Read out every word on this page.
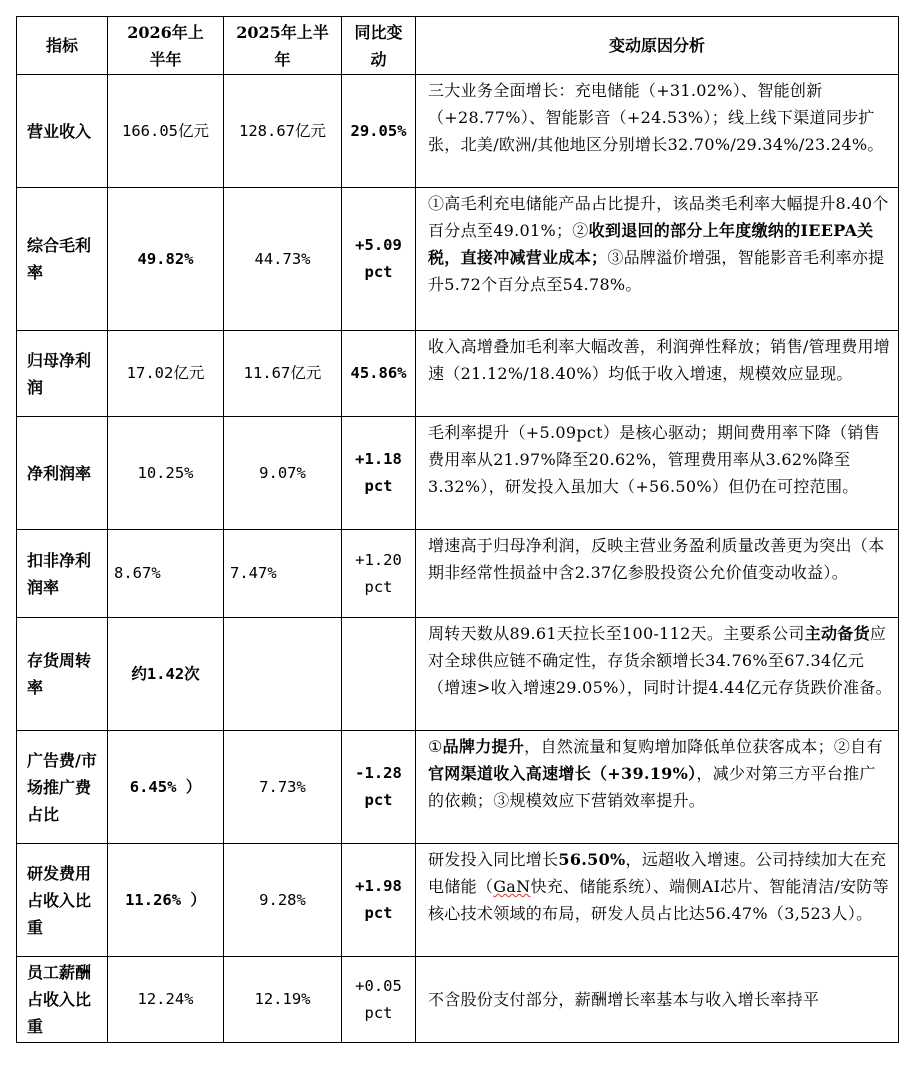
指标	2026年上半年	2025年上半年	同比变动	变动原因分析
营业收入	166.05亿元	128.67亿元	29.05%	三大业务全面增长：充电储能（+31.02%）、智能创新（+28.77%）、智能影音（+24.53%）；线上线下渠道同步扩张，北美/欧洲/其他地区分别增长32.70%/29.34%/23.24%。
综合毛利率	49.82%	44.73%	+5.09 pct	①高毛利充电储能产品占比提升，该品类毛利率大幅提升8.40个百分点至49.01%；②收到退回的部分上年度缴纳的IEEPA关税，直接冲减营业成本；③品牌溢价增强，智能影音毛利率亦提升5.72个百分点至54.78%。
归母净利润	17.02亿元	11.67亿元	45.86%	收入高增叠加毛利率大幅改善，利润弹性释放；销售/管理费用增速（21.12%/18.40%）均低于收入增速，规模效应显现。
净利润率	10.25%	9.07%	+1.18 pct	毛利率提升（+5.09pct）是核心驱动；期间费用率下降（销售费用率从21.97%降至20.62%，管理费用率从3.62%降至3.32%），研发投入虽加大（+56.50%）但仍在可控范围。
扣非净利润率	8.67%	7.47%	+1.20 pct	增速高于归母净利润，反映主营业务盈利质量改善更为突出（本期非经常性损益中含2.37亿参股投资公允价值变动收益）。
存货周转率	约1.42次			周转天数从89.61天拉长至100-112天。主要系公司主动备货应对全球供应链不确定性，存货余额增长34.76%至67.34亿元（增速>收入增速29.05%），同时计提4.44亿元存货跌价准备。
广告费/市场推广费占比	6.45% ）	7.73%	-1.28 pct	①品牌力提升，自然流量和复购增加降低单位获客成本；②自有官网渠道收入高速增长（+39.19%），减少对第三方平台推广的依赖；③规模效应下营销效率提升。
研发费用占收入比重	11.26% ）	9.28%	+1.98 pct	研发投入同比增长56.50%，远超收入增速。公司持续加大在充电储能（GaN快充、储能系统）、端侧AI芯片、智能清洁/安防等核心技术领域的布局，研发人员占比达56.47%（3,523人）。
员工薪酬占收入比重	12.24%	12.19%	+0.05 pct	不含股份支付部分，薪酬增长率基本与收入增长率持平
